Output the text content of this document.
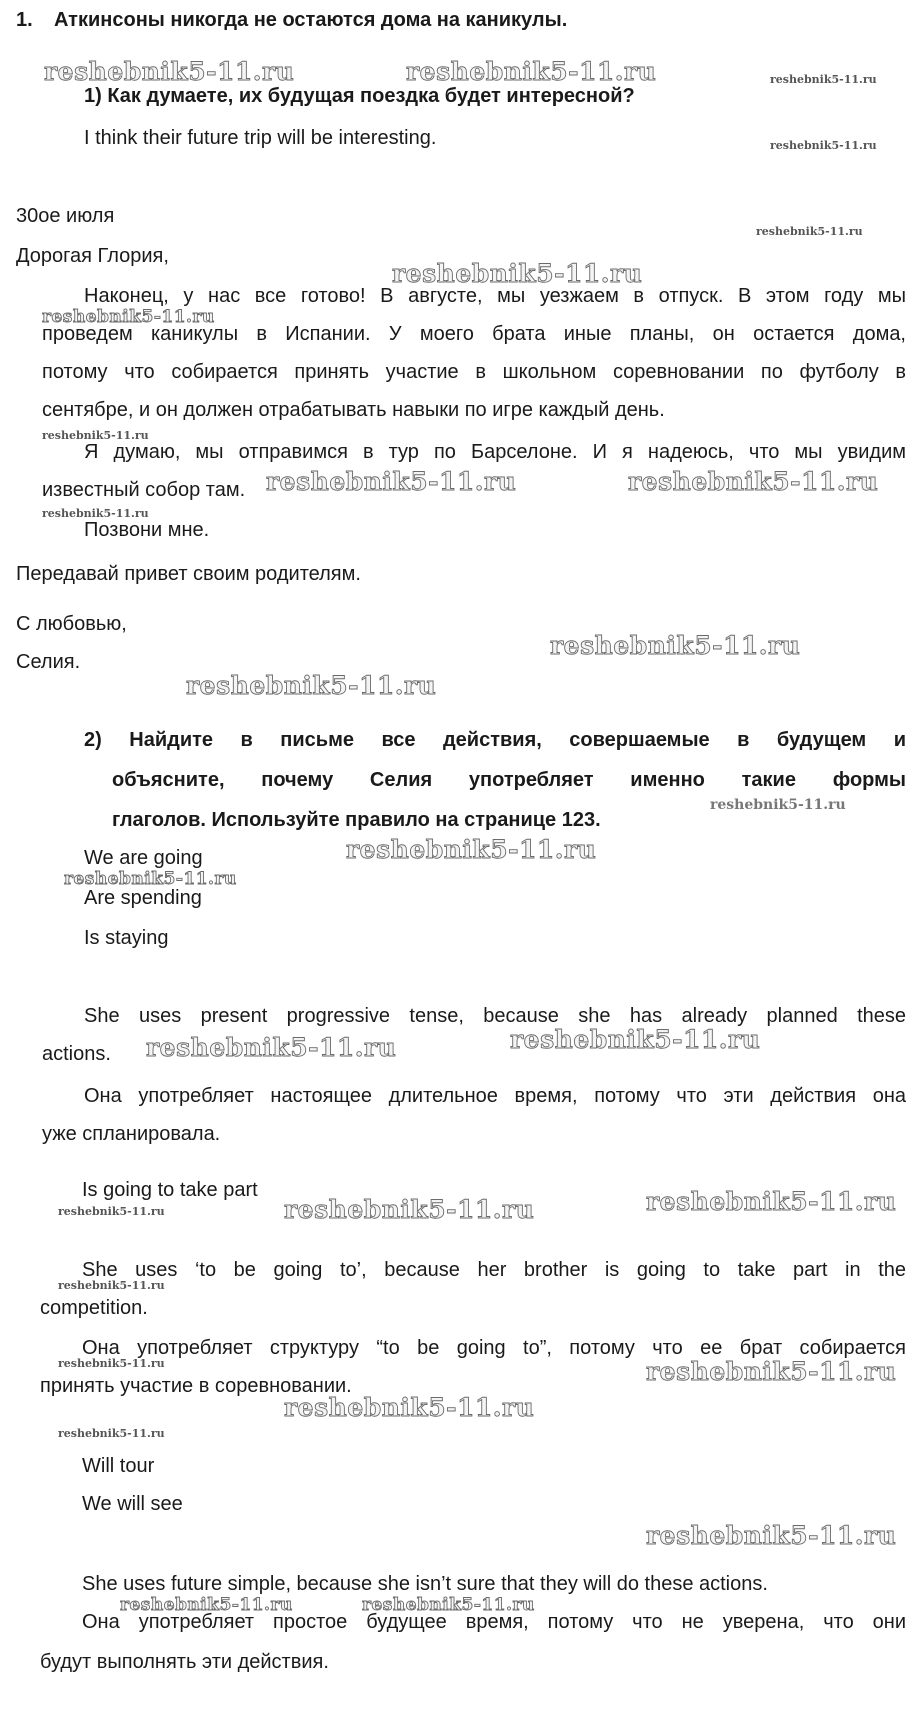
1. Аткинсоны никогда не остаются дома на каникулы.
1) Как думаете, их будущая поездка будет интересной?
I think their future trip will be interesting.
30ое июля
Дорогая Глория,
Наконец, у нас все готово! В августе, мы уезжаем в отпуск. В этом году мы
проведем каникулы в Испании. У моего брата иные планы, он остается дома,
потому что собирается принять участие в школьном соревновании по футболу в
сентябре, и он должен отрабатывать навыки по игре каждый день.
Я думаю, мы отправимся в тур по Барселоне. И я надеюсь, что мы увидим
известный собор там.
Позвони мне.
Передавай привет своим родителям.
С любовью,
Селия.
2) Найдите в письме все действия, совершаемые в будущем и
объясните, почему Селия употребляет именно такие формы
глаголов. Используйте правило на странице 123.
We are going
Are spending
Is staying
She uses present progressive tense, because she has already planned these
actions.
Она употребляет настоящее длительное время, потому что эти действия она
уже спланировала.
Is going to take part
She uses ‘to be going to’, because her brother is going to take part in the
competition.
Она употребляет структуру “to be going to”, потому что ее брат собирается
принять участие в соревновании.
Will tour
We will see
She uses future simple, because she isn’t sure that they will do these actions.
Она употребляет простое будущее время, потому что не уверена, что они
будут выполнять эти действия.
reshebnik5-11.ru	reshebnik5-11.ru
reshebnik5-11.ru
reshebnik5-11.ru	reshebnik5-11.ru
reshebnik5-11.ru
reshebnik5-11.ru
reshebnik5-11.ru
reshebnik5-11.ru	reshebnik5-11.ru
reshebnik5-11.ru	reshebnik5-11.ru
reshebnik5-11.ru
reshebnik5-11.ru
reshebnik5-11.ru
reshebnik5-11.ru
reshebnik5-11.ru
reshebnik5-11.ru	reshebnik5-11.ru
reshebnik5-11.ru
reshebnik5-11.ru
reshebnik5-11.ru
reshebnik5-11.ru
reshebnik5-11.ru
reshebnik5-11.ru
reshebnik5-11.ru
reshebnik5-11.ru
reshebnik5-11.ru
reshebnik5-11.ru
